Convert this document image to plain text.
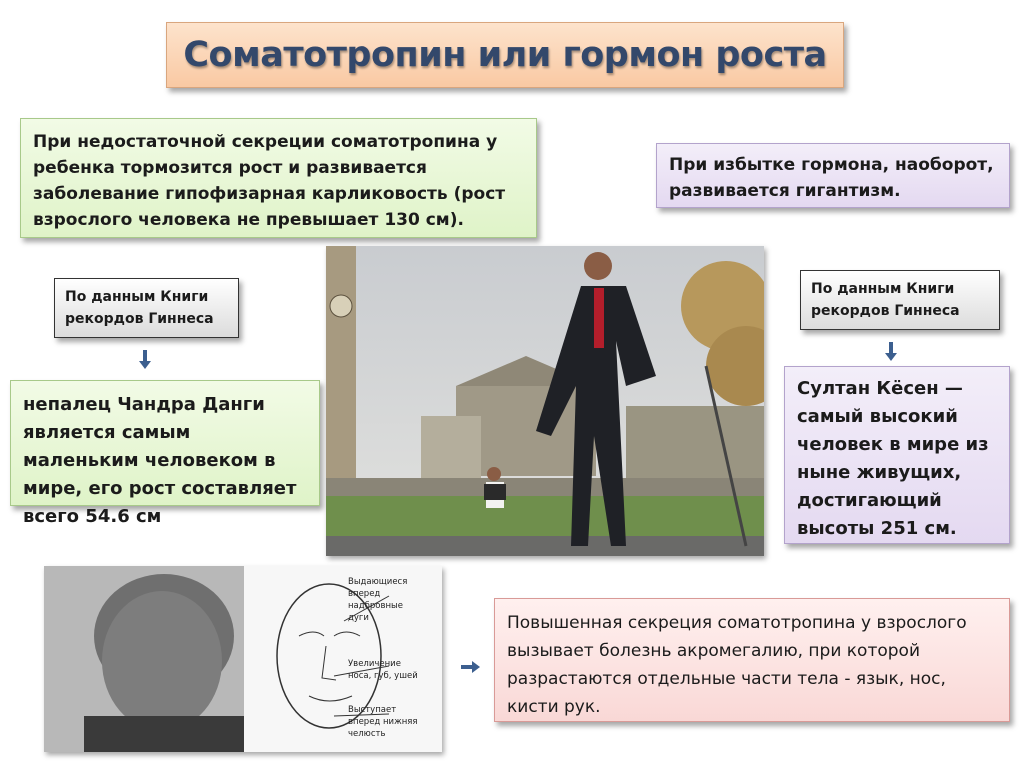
Соматотропин или гормон роста
При недостаточной секреции соматотропина у ребенка тормозится рост и развивается заболевание гипофизарная карликовость (рост взрослого человека не превышает 130 см).
При избытке гормона, наоборот, развивается гигантизм.
По данным Книги рекордов Гиннеса
По данным Книги рекордов Гиннеса
непалец Чандра Данги является самым маленьким человеком в мире, его рост составляет всего 54.6 см
Султан Кёсен — самый высокий человек в мире из ныне живущих, достигающий высоты 251 см.
Выдающиеся вперед надбровные дуги
Увеличение носа, губ, ушей
Выступает вперед нижняя челюсть
Повышенная секреция соматотропина у взрослого вызывает болезнь акромегалию, при которой разрастаются отдельные части тела - язык, нос, кисти рук.
